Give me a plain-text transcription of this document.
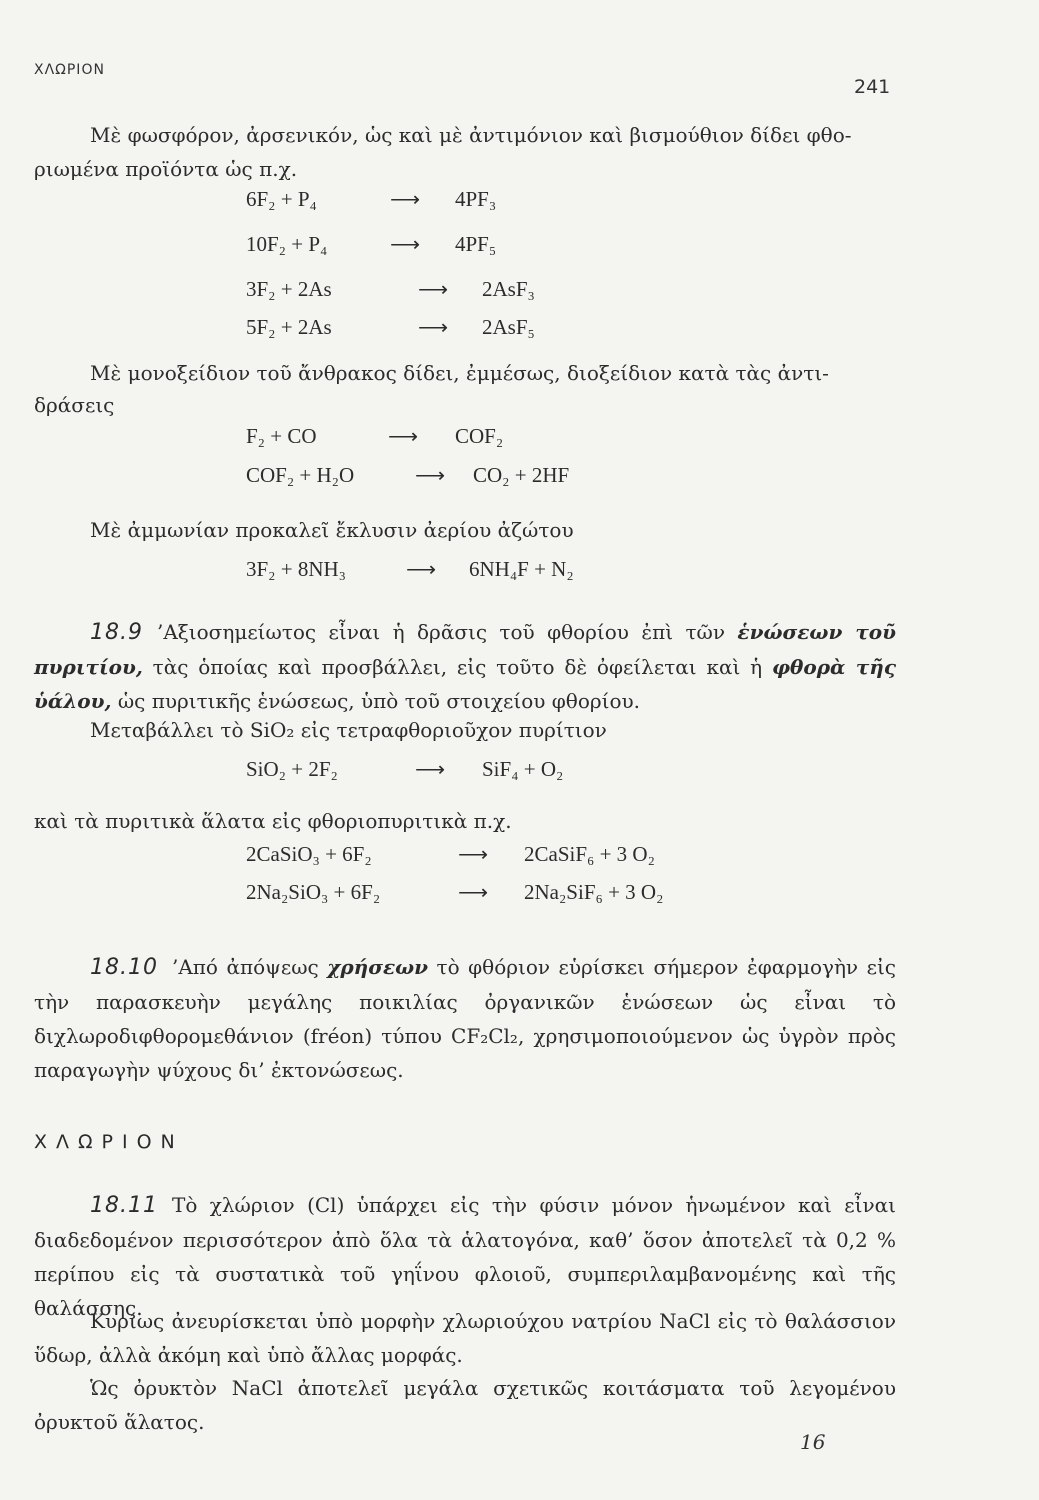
ΧΛΩΡΙΟΝ
241
Μὲ φωσφόρον, ἀρσενικόν, ὡς καὶ μὲ ἀντιμόνιον καὶ βισμούθιον δίδει φθο-
ριωμένα προϊόντα ὡς π.χ.
6F₂ + P₄	⟶ 4PF₃
10F₂ + P₄	⟶ 4PF₅
3F₂ + 2As	⟶ 2AsF₃
5F₂ + 2As	⟶ 2AsF₅
Μὲ μονοξείδιον τοῦ ἄνθρακος δίδει, ἐμμέσως, διοξείδιον κατὰ τὰς ἀντι-
δράσεις
F₂ + CO	⟶ COF₂
COF₂ + H₂O	⟶ CO₂ + 2HF
Μὲ ἀμμωνίαν προκαλεῖ ἔκλυσιν ἀερίου ἀζώτου
3F₂ + 8NH₃	⟶ 6NH₄F + N₂
18.9 ’Αξιοσημείωτος εἶναι ἡ δρᾶσις τοῦ φθορίου ἐπὶ τῶν ἑνώσεων τοῦ πυριτίου, τὰς ὁποίας καὶ προσβάλλει, εἰς τοῦτο δὲ ὀφείλεται καὶ ἡ φθορὰ τῆς ὑάλου, ὡς πυριτικῆς ἑνώσεως, ὑπὸ τοῦ στοιχείου φθορίου.
Μεταβάλλει τὸ SiO₂ εἰς τετραφθοριοῦχον πυρίτιον
SiO₂ + 2F₂	⟶ SiF₄ + O₂
καὶ τὰ πυριτικὰ ἅλατα εἰς φθοριοπυριτικὰ π.χ.
2CaSiO₃ + 6F₂	⟶ 2CaSiF₆ + 3 O₂
2Na₂SiO₃ + 6F₂	⟶ 2Na₂SiF₆ + 3 O₂
18.10 ’Από ἀπόψεως χρήσεων τὸ φθόριον εὑρίσκει σήμερον ἐφαρμογὴν εἰς τὴν παρασκευὴν μεγάλης ποικιλίας ὀργανικῶν ἑνώσεων ὡς εἶναι τὸ διχλωροδιφθορομεθάνιον (fréon) τύπου CF₂Cl₂, χρησιμοποιούμενον ὡς ὑγρὸν πρὸς παραγωγὴν ψύχους δι’ ἐκτονώσεως.
ΧΛΩΡΙΟΝ
18.11 Τὸ χλώριον (Cl) ὑπάρχει εἰς τὴν φύσιν μόνον ἡνωμένον καὶ εἶναι διαδεδομένον περισσότερον ἀπὸ ὅλα τὰ ἁλατογόνα, καθ’ ὅσον ἀποτελεῖ τὰ 0,2 % περίπου εἰς τὰ συστατικὰ τοῦ γηΐνου φλοιοῦ, συμπεριλαμβανομένης καὶ τῆς θαλάσσης.
Κυρίως ἀνευρίσκεται ὑπὸ μορφὴν χλωριούχου νατρίου NaCl εἰς τὸ θαλάσσιον ὕδωρ, ἀλλὰ ἀκόμη καὶ ὑπὸ ἄλλας μορφάς.
Ὡς ὀρυκτὸν NaCl ἀποτελεῖ μεγάλα σχετικῶς κοιτάσματα τοῦ λεγομένου ὀρυκτοῦ ἅλατος.
16
